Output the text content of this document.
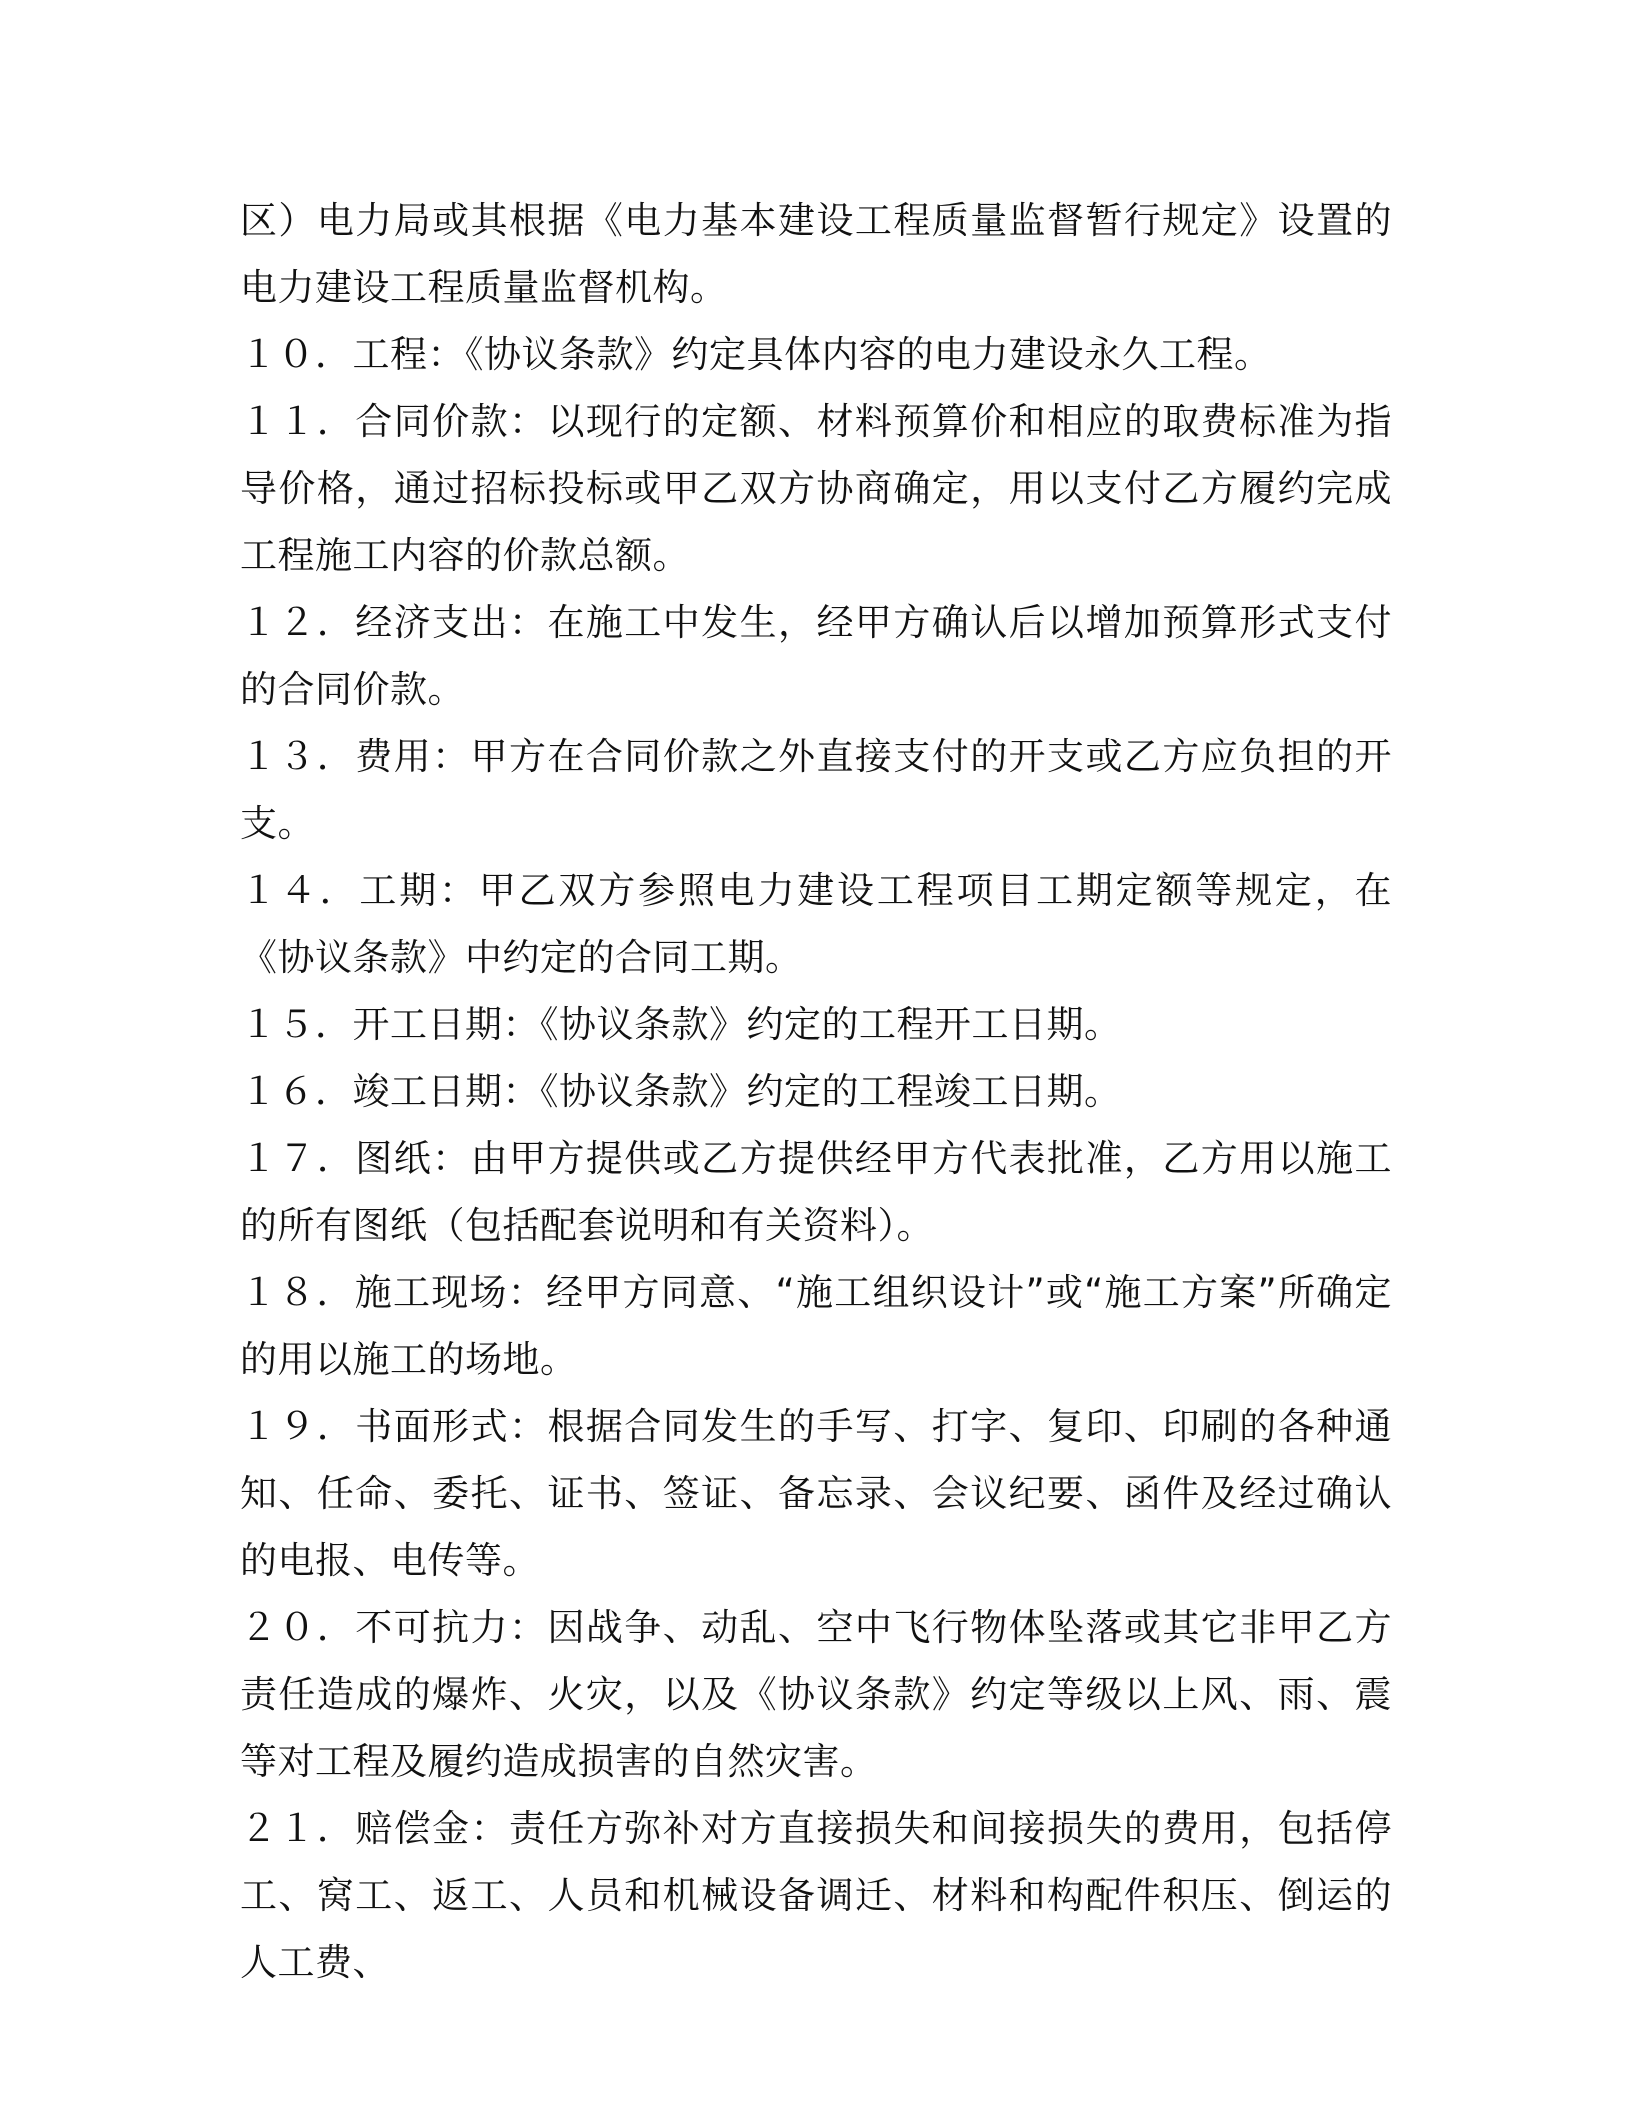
区）电力局或其根据《电力基本建设工程质量监督暂行规定》设置的电力建设工程质量监督机构。

１０．工程：《协议条款》约定具体内容的电力建设永久工程。

１１．合同价款：以现行的定额、材料预算价和相应的取费标准为指导价格，通过招标投标或甲乙双方协商确定，用以支付乙方履约完成工程施工内容的价款总额。

１２．经济支出：在施工中发生，经甲方确认后以增加预算形式支付的合同价款。

１３．费用：甲方在合同价款之外直接支付的开支或乙方应负担的开支。

１４．工期：甲乙双方参照电力建设工程项目工期定额等规定，在《协议条款》中约定的合同工期。

１５．开工日期：《协议条款》约定的工程开工日期。

１６．竣工日期：《协议条款》约定的工程竣工日期。

１７．图纸：由甲方提供或乙方提供经甲方代表批准，乙方用以施工的所有图纸（包括配套说明和有关资料）。

１８．施工现场：经甲方同意、“施工组织设计”或“施工方案”所确定的用以施工的场地。

１９．书面形式：根据合同发生的手写、打字、复印、印刷的各种通知、任命、委托、证书、签证、备忘录、会议纪要、函件及经过确认的电报、电传等。

２０．不可抗力：因战争、动乱、空中飞行物体坠落或其它非甲乙方责任造成的爆炸、火灾，以及《协议条款》约定等级以上风、雨、震等对工程及履约造成损害的自然灾害。

２１．赔偿金：责任方弥补对方直接损失和间接损失的费用，包括停工、窝工、返工、人员和机械设备调迁、材料和构配件积压、倒运的人工费、
